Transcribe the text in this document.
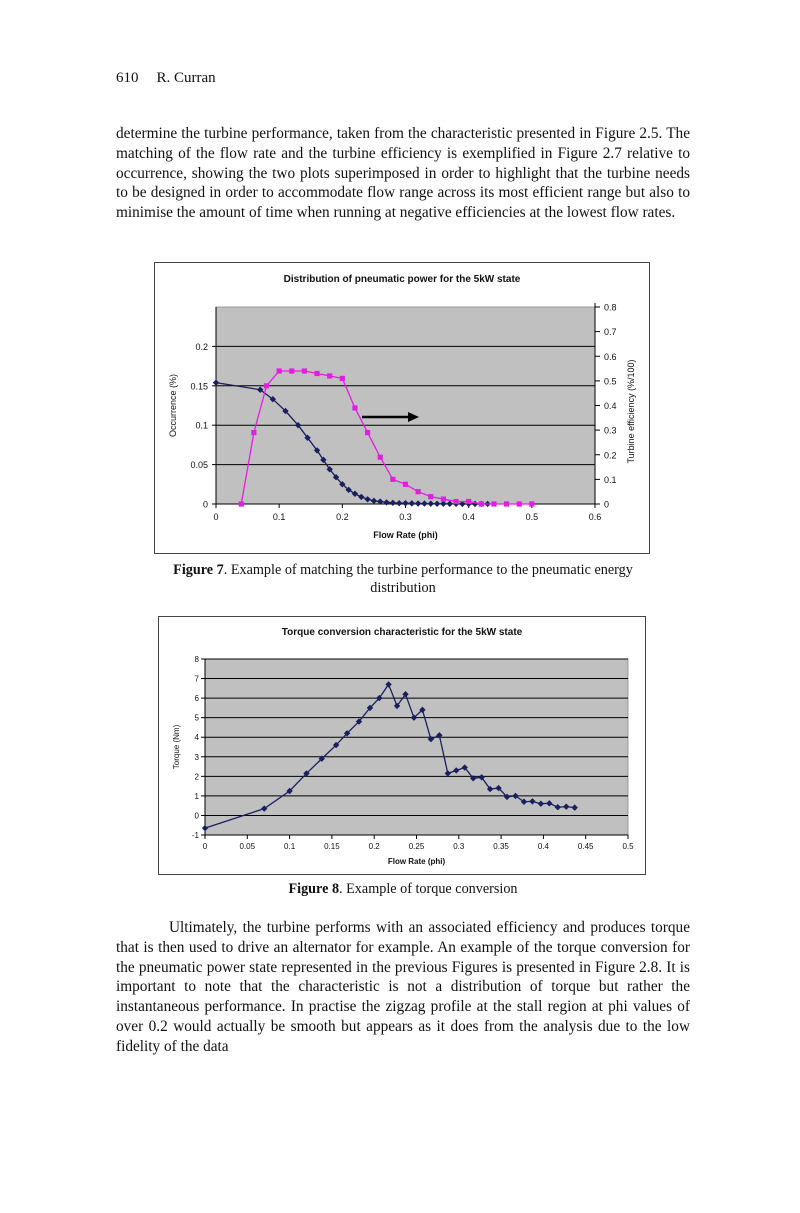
610 R. Curran

determine the turbine performance, taken from the characteristic presented in Figure 2.5. The matching of the flow rate and the turbine efficiency is exemplified in Figure 2.7 relative to occurrence, showing the two plots superimposed in order to highlight that the turbine needs to be designed in order to accommodate flow range across its most efficient range but also to minimise the amount of time when running at negative efficiencies at the lowest flow rates.

Distribution of pneumatic power for the 5kW state
0
0.05
0.1
0.15
0.2
0
0.1
0.2
0.3
0.4
0.5
0.6
0.7
0.8
0	0.1	0.2	0.3	0.4	0.5	0.6
Flow Rate (phi)
Occurrence (%)	Turbine efficiency (%/100)
Figure 7. Example of matching the turbine performance to the pneumatic energy distribution
Torque conversion characteristic for the 5kW state
-1
0
1
2
3
4
5
6
7
8
0	0.05	0.1	0.15	0.2	0.25	0.3	0.35	0.4	0.45	0.5
Flow Rate (phi)
Torque (Nm)
Figure 8. Example of torque conversion

Ultimately, the turbine performs with an associated efficiency and produces torque that is then used to drive an alternator for example. An example of the torque conversion for the pneumatic power state represented in the previous Figures is presented in Figure 2.8. It is important to note that the characteristic is not a distribution of torque but rather the instantaneous performance. In practise the zigzag profile at the stall region at phi values of over 0.2 would actually be smooth but appears as it does from the analysis due to the low fidelity of the data
